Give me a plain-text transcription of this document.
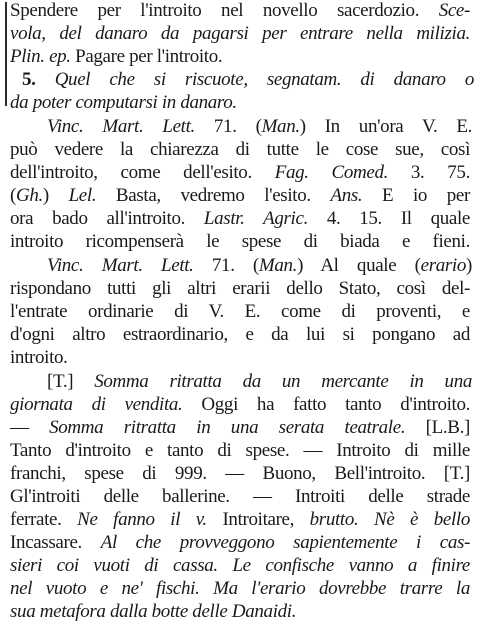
Spendere per l'introito nel novello sacerdozio. Sce-
vola, del danaro da pagarsi per entrare nella milizia.
Plin. ep. Pagare per l'introito.
5. Quel che si riscuote, segnatam. di danaro o
da poter computarsi in danaro.
Vinc. Mart. Lett. 71. (Man.) In un'ora V. E.
può vedere la chiarezza di tutte le cose sue, così
dell'introito, come dell'esito. Fag. Comed. 3. 75.
(Gh.) Lel. Basta, vedremo l'esito. Ans. E io per
ora bado all'introito. Lastr. Agric. 4. 15. Il quale
introito ricompenserà le spese di biada e fieni.
Vinc. Mart. Lett. 71. (Man.) Al quale (erario)
rispondano tutti gli altri erarii dello Stato, così del-
l'entrate ordinarie di V. E. come di proventi, e
d'ogni altro estraordinario, e da lui si pongano ad
introito.
[T.] Somma ritratta da un mercante in una
giornata di vendita. Oggi ha fatto tanto d'introito.
— Somma ritratta in una serata teatrale. [L.B.]
Tanto d'introito e tanto di spese. — Introito di mille
franchi, spese di 999. — Buono, Bell'introito. [T.]
Gl'introiti delle ballerine. — Introiti delle strade
ferrate. Ne fanno il v. Introitare, brutto. Nè è bello
Incassare. Al che provveggono sapientemente i cas-
sieri coi vuoti di cassa. Le confische vanno a finire
nel vuoto e ne' fischi. Ma l'erario dovrebbe trarre la
sua metafora dalla botte delle Danaidi.
